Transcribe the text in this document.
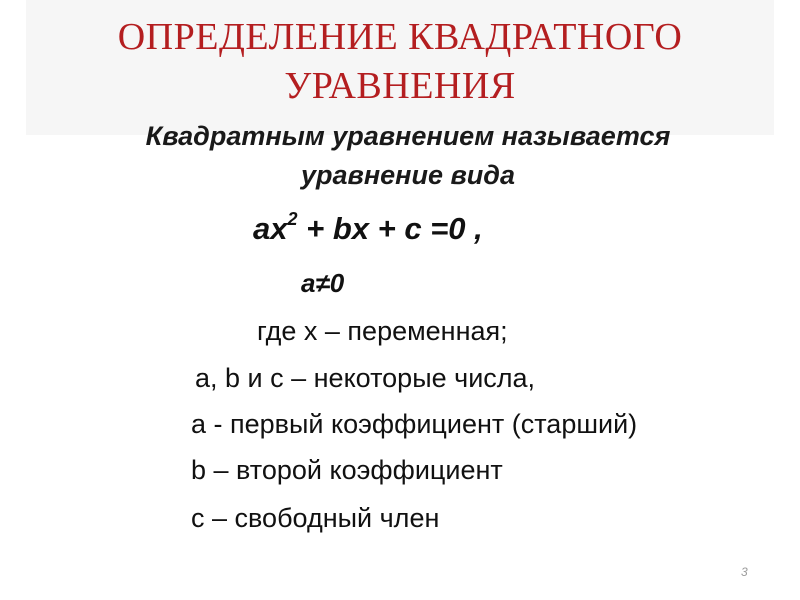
ОПРЕДЕЛЕНИЕ КВАДРАТНОГО
УРАВНЕНИЯ
Квадратным уравнением называется
уравнение вида
$ax^2$ + bx + c =0 ,
a≠0
где x – переменная;
a, b и c – некоторые числа,
a - первый коэффициент (старший)
b – второй коэффициент
c – свободный член
3
